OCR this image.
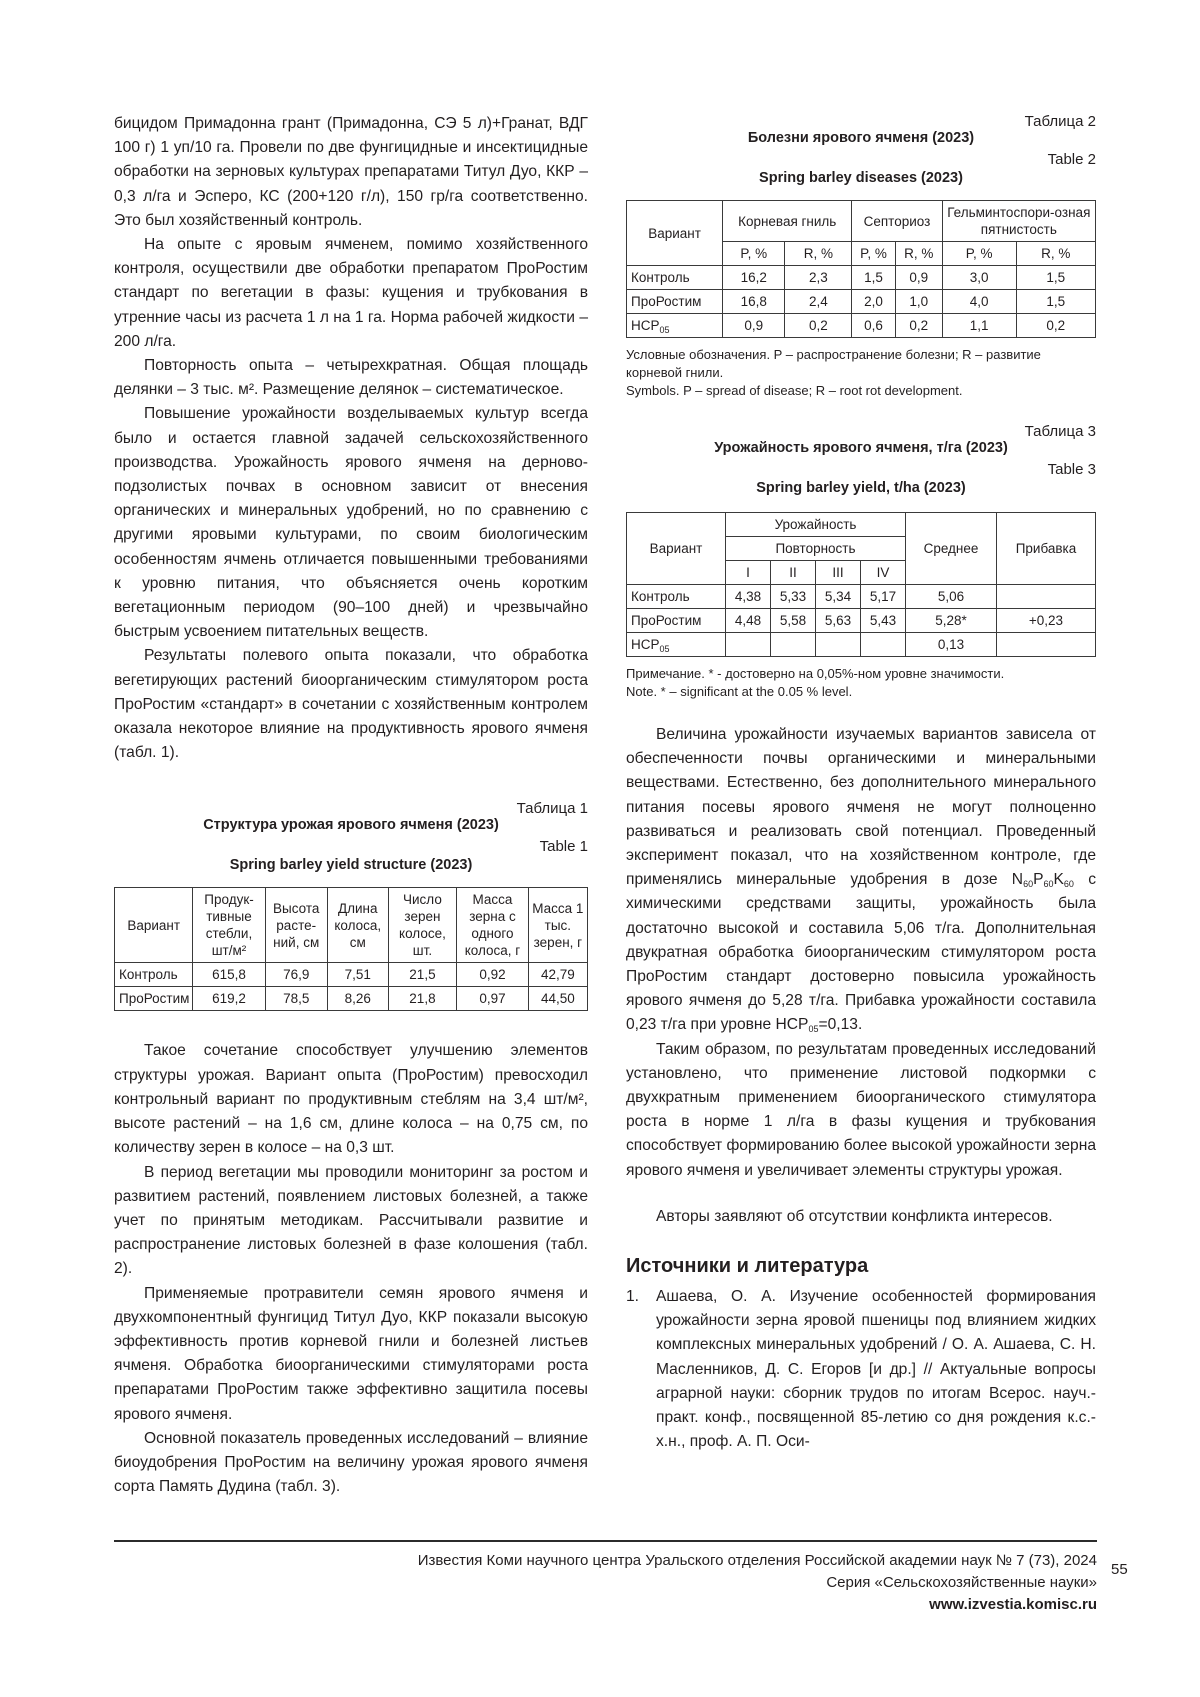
бицидом Примадонна грант (Примадонна, СЭ 5 л)+Гранат, ВДГ 100 г) 1 уп/10 га. Провели по две фунгицидные и инсектицидные обработки на зерновых культурах препаратами Титул Дуо, ККР – 0,3 л/га и Эсперо, КС (200+120 г/л), 150 гр/га соответственно. Это был хозяйственный контроль.

На опыте с яровым ячменем, помимо хозяйственного контроля, осуществили две обработки препаратом ПроРостим стандарт по вегетации в фазы: кущения и трубкования в утренние часы из расчета 1 л на 1 га. Норма рабочей жидкости – 200 л/га.

Повторность опыта – четырехкратная. Общая площадь делянки – 3 тыс. м². Размещение делянок – систематическое.

Повышение урожайности возделываемых культур всегда было и остается главной задачей сельскохозяйственного производства. Урожайность ярового ячменя на дерново-подзолистых почвах в основном зависит от внесения органических и минеральных удобрений, но по сравнению с другими яровыми культурами, по своим биологическим особенностям ячмень отличается повышенными требованиями к уровню питания, что объясняется очень коротким вегетационным периодом (90–100 дней) и чрезвычайно быстрым усвоением питательных веществ.

Результаты полевого опыта показали, что обработка вегетирующих растений биоорганическим стимулятором роста ПроРостим «стандарт» в сочетании с хозяйственным контролем оказала некоторое влияние на продуктивность ярового ячменя (табл. 1).

Таблица 1

Структура урожая ярового ячменя (2023)

Table 1

Spring barley yield structure (2023)

Вариант	Продук-тивные стебли, шт/м²	Высота расте-ний, см	Длина колоса, см	Число зерен колосе, шт.	Масса зерна с одного колоса, г	Масса 1 тыс. зерен, г
Контроль	615,8	76,9	7,51	21,5	0,92	42,79
ПроРостим	619,2	78,5	8,26	21,8	0,97	44,50

Такое сочетание способствует улучшению элементов структуры урожая. Вариант опыта (ПроРостим) превосходил контрольный вариант по продуктивным стеблям на 3,4 шт/м², высоте растений – на 1,6 см, длине колоса – на 0,75 см, по количеству зерен в колосе – на 0,3 шт.

В период вегетации мы проводили мониторинг за ростом и развитием растений, появлением листовых болезней, а также учет по принятым методикам. Рассчитывали развитие и распространение листовых болезней в фазе колошения (табл. 2).

Применяемые протравители семян ярового ячменя и двухкомпонентный фунгицид Титул Дуо, ККР показали высокую эффективность против корневой гнили и болезней листьев ячменя. Обработка биоорганическими стимуляторами роста препаратами ПроРостим также эффективно защитила посевы ярового ячменя.

Основной показатель проведенных исследований – влияние биоудобрения ПроРостим на величину урожая ярового ячменя сорта Память Дудина (табл. 3).

Таблица 2

Болезни ярового ячменя (2023)

Table 2

Spring barley diseases (2023)

Вариант	Корневая гниль		Септориоз		Гельминтоспори-озная пятнистость	
	P, %	R, %	P, %	R, %	P, %	R, %
Контроль	16,2	2,3	1,5	0,9	3,0	1,5
ПроРостим	16,8	2,4	2,0	1,0	4,0	1,5
$НСР_{05}$	0,9	0,2	0,6	0,2	1,1	0,2

Условные обозначения. P – распространение болезни; R – развитие корневой гнили.

Symbols. P – spread of disease; R – root rot development.

Таблица 3

Урожайность ярового ячменя, т/га (2023)

Table 3

Spring barley yield, t/ha (2023)

Вариант	Урожайность				Среднее	Прибавка
	Повторность					
	I	II	III	IV		
Контроль	4,38	5,33	5,34	5,17	5,06	
ПроРостим	4,48	5,58	5,63	5,43	5,28*	+0,23
$НСР_{05}$					0,13	

Примечание. * - достоверно на 0,05%-ном уровне значимости.

Note. * – significant at the 0.05 % level.

Величина урожайности изучаемых вариантов зависела от обеспеченности почвы органическими и минеральными веществами. Естественно, без дополнительного минерального питания посевы ярового ячменя не могут полноценно развиваться и реализовать свой потенциал. Проведенный эксперимент показал, что на хозяйственном контроле, где применялись минеральные удобрения в дозе $N_{60}P_{60}K_{60}$ с химическими средствами защиты, урожайность была достаточно высокой и составила 5,06 т/га. Дополнительная двукратная обработка биоорганическим стимулятором роста ПроРостим стандарт достоверно повысила урожайность ярового ячменя до 5,28 т/га. Прибавка урожайности составила 0,23 т/га при уровне $НСР_{05}=0,13$.

Таким образом, по результатам проведенных исследований установлено, что применение листовой подкормки с двухкратным применением биоорганического стимулятора роста в норме 1 л/га в фазы кущения и трубкования способствует формированию более высокой урожайности зерна ярового ячменя и увеличивает элементы структуры урожая.

Авторы заявляют об отсутствии конфликта интересов.

Источники и литература

1.	Ашаева, О. А. Изучение особенностей формирования урожайности зерна яровой пшеницы под влиянием жидких комплексных минеральных удобрений / О. А. Ашаева, С. Н. Масленников, Д. С. Егоров [и др.] // Актуальные вопросы аграрной науки: сборник трудов по итогам Всерос. науч.-практ. конф., посвященной 85-летию со дня рождения к.с.-х.н., проф. А. П. Оси-
Известия Коми научного центра Уральского отделения Российской академии наук № 7 (73), 2024
Серия «Сельскохозяйственные науки»
www.izvestia.komisc.ru
55
